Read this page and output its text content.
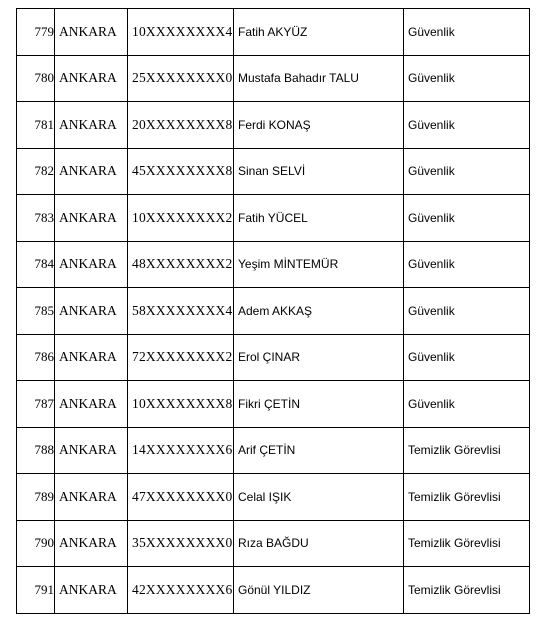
779	ANKARA	10XXXXXXXX4	Fatih AKYÜZ	Güvenlik
780	ANKARA	25XXXXXXXX0	Mustafa Bahadır TALU	Güvenlik
781	ANKARA	20XXXXXXXX8	Ferdi KONAŞ	Güvenlik
782	ANKARA	45XXXXXXXX8	Sinan SELVİ	Güvenlik
783	ANKARA	10XXXXXXXX2	Fatih YÜCEL	Güvenlik
784	ANKARA	48XXXXXXXX2	Yeşim MİNTEMÜR	Güvenlik
785	ANKARA	58XXXXXXXX4	Adem AKKAŞ	Güvenlik
786	ANKARA	72XXXXXXXX2	Erol ÇINAR	Güvenlik
787	ANKARA	10XXXXXXXX8	Fikri ÇETİN	Güvenlik
788	ANKARA	14XXXXXXXX6	Arif ÇETİN	Temizlik Görevlisi
789	ANKARA	47XXXXXXXX0	Celal IŞIK	Temizlik Görevlisi
790	ANKARA	35XXXXXXXX0	Rıza BAĞDU	Temizlik Görevlisi
791	ANKARA	42XXXXXXXX6	Gönül YILDIZ	Temizlik Görevlisi
